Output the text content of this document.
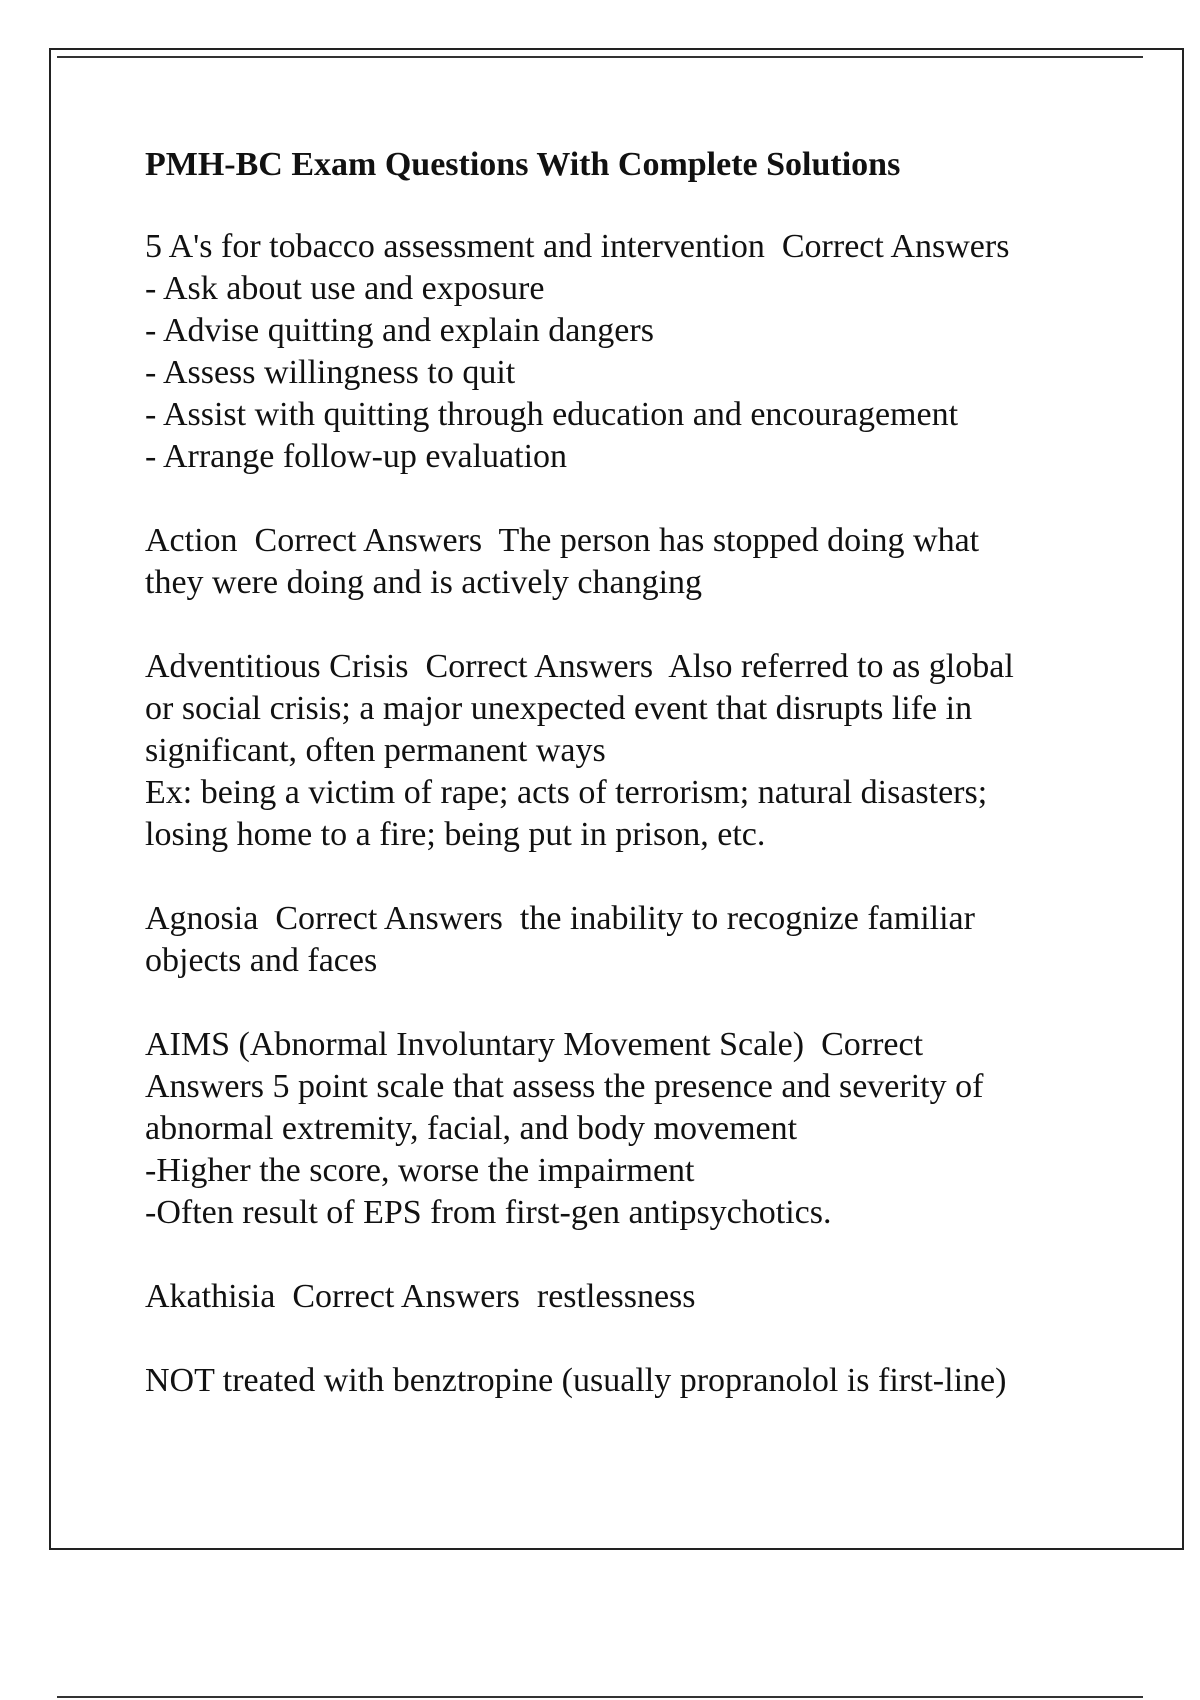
PMH-BC Exam Questions With Complete Solutions

5 A's for tobacco assessment and intervention Correct Answers
- Ask about use and exposure
- Advise quitting and explain dangers
- Assess willingness to quit
- Assist with quitting through education and encouragement
- Arrange follow-up evaluation

Action Correct Answers The person has stopped doing what
they were doing and is actively changing

Adventitious Crisis Correct Answers Also referred to as global
or social crisis; a major unexpected event that disrupts life in
significant, often permanent ways
Ex: being a victim of rape; acts of terrorism; natural disasters;
losing home to a fire; being put in prison, etc.

Agnosia Correct Answers the inability to recognize familiar
objects and faces

AIMS (Abnormal Involuntary Movement Scale) Correct
Answers 5 point scale that assess the presence and severity of
abnormal extremity, facial, and body movement
-Higher the score, worse the impairment
-Often result of EPS from first-gen antipsychotics.

Akathisia Correct Answers restlessness

NOT treated with benztropine (usually propranolol is first-line)
